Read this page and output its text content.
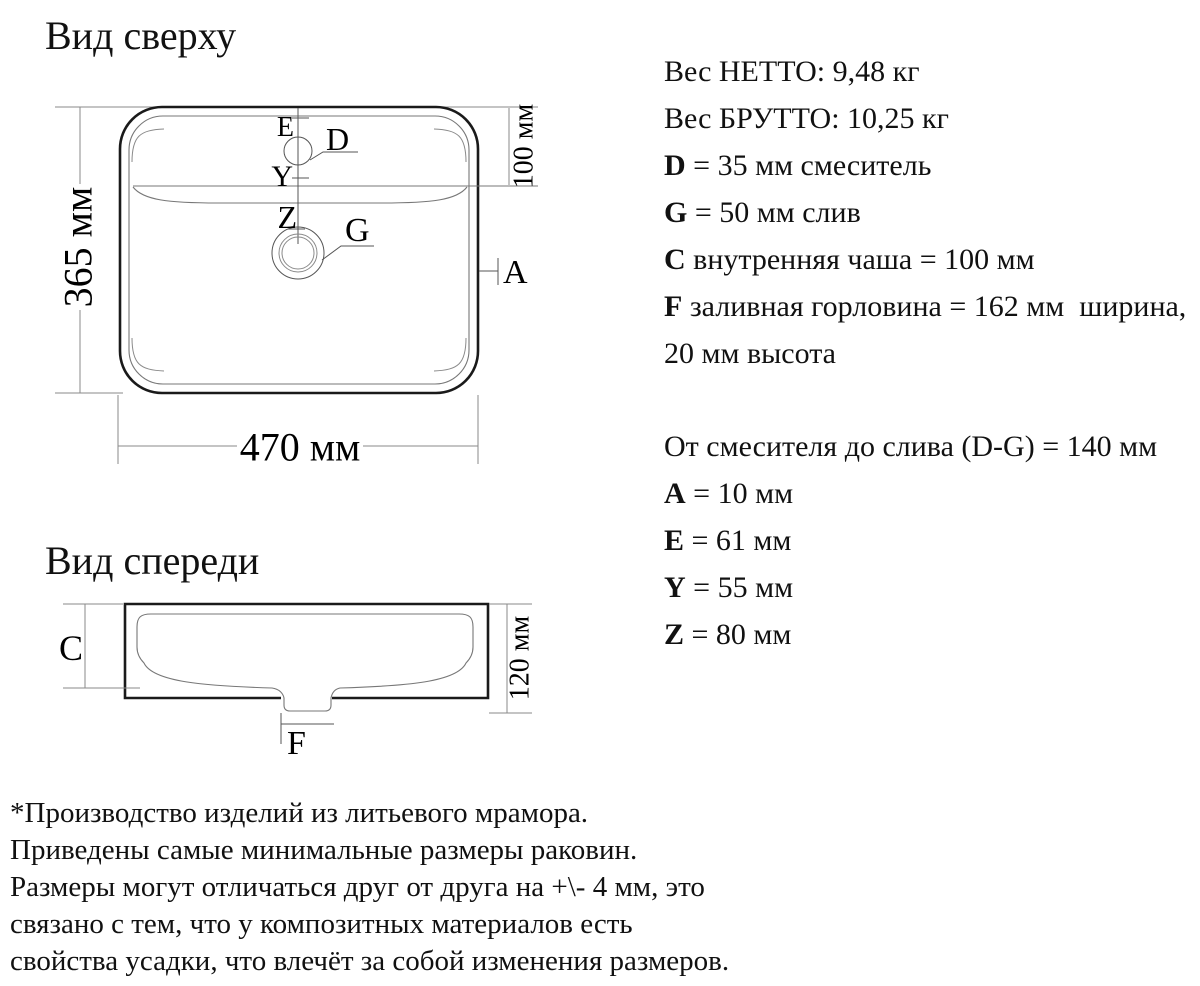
Вид сверху
E D
Y
Z G
A
365 мм
470 мм
100 мм
Вид спереди
C	120 мм
F
Вес НЕТТО: 9,48 кг
Вес БРУТТО: 10,25 кг
D = 35 мм смеситель
G = 50 мм слив
C внутренняя чаша = 100 мм
F заливная горловина = 162 мм  ширина,
20 мм высота
От смесителя до слива (D-G) = 140 мм
A = 10 мм
E = 61 мм
Y = 55 мм
Z = 80 мм
*Производство изделий из литьевого мрамора.
Приведены самые минимальные размеры раковин.
Размеры могут отличаться друг от друга на +\- 4 мм, это
связано с тем, что у композитных материалов есть
свойства усадки, что влечёт за собой изменения размеров.
